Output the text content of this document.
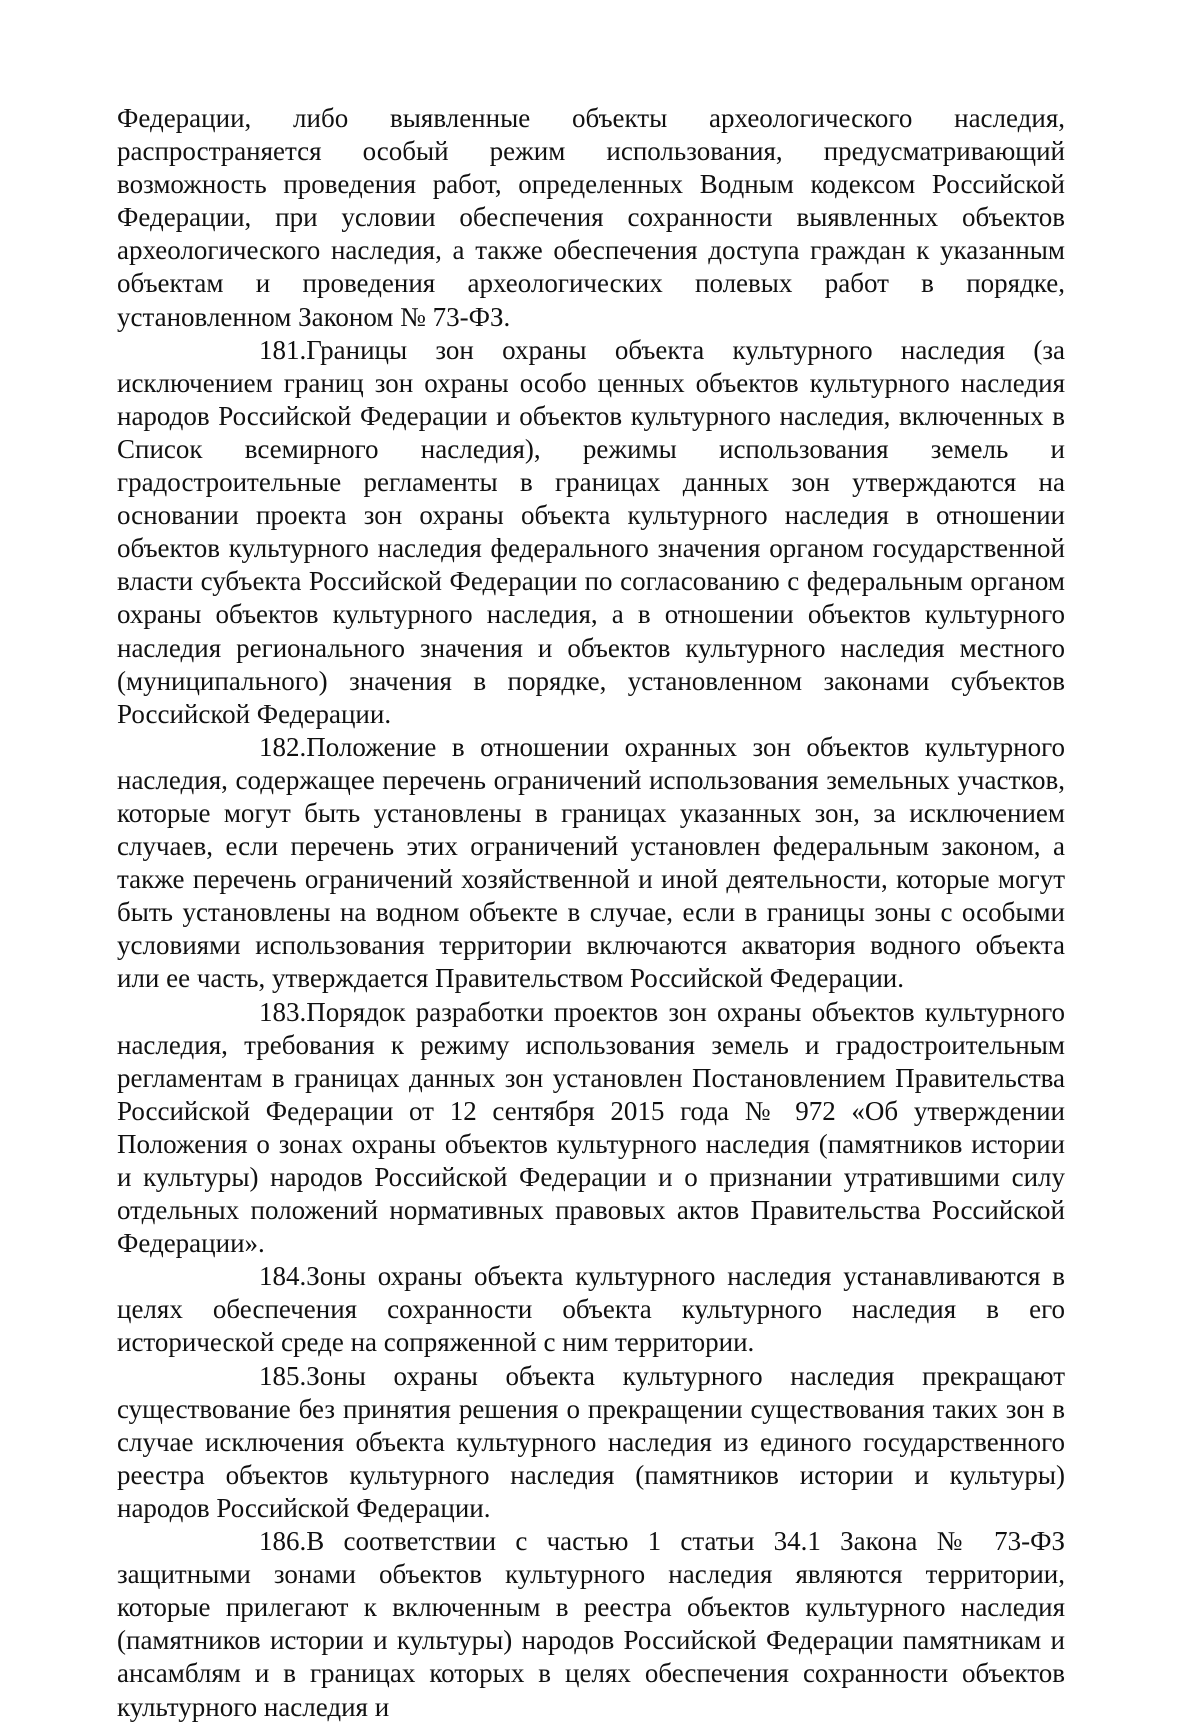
Федерации, либо выявленные объекты археологического наследия, распространяется особый режим использования, предусматривающий возможность проведения работ, определенных Водным кодексом Российской Федерации, при условии обеспечения сохранности выявленных объектов археологического наследия, а также обеспечения доступа граждан к указанным объектам и проведения археологических полевых работ в порядке, установленном Законом № 73-ФЗ.

181.Границы зон охраны объекта культурного наследия (за исключением границ зон охраны особо ценных объектов культурного наследия народов Российской Федерации и объектов культурного наследия, включенных в Список всемирного наследия), режимы использования земель и градостроительные регламенты в границах данных зон утверждаются на основании проекта зон охраны объекта культурного наследия в отношении объектов культурного наследия федерального значения органом государственной власти субъекта Российской Федерации по согласованию с федеральным органом охраны объектов культурного наследия, а в отношении объектов культурного наследия регионального значения и объектов культурного наследия местного (муниципального) значения в порядке, установленном законами субъектов Российской Федерации.

182.Положение в отношении охранных зон объектов культурного наследия, содержащее перечень ограничений использования земельных участков, которые могут быть установлены в границах указанных зон, за исключением случаев, если перечень этих ограничений установлен федеральным законом, а также перечень ограничений хозяйственной и иной деятельности, которые могут быть установлены на водном объекте в случае, если в границы зоны с особыми условиями использования территории включаются акватория водного объекта или ее часть, утверждается Правительством Российской Федерации.

183.Порядок разработки проектов зон охраны объектов культурного наследия, требования к режиму использования земель и градостроительным регламентам в границах данных зон установлен Постановлением Правительства Российской Федерации от 12 сентября 2015 года № 972 «Об утверждении Положения о зонах охраны объектов культурного наследия (памятников истории и культуры) народов Российской Федерации и о признании утратившими силу отдельных положений нормативных правовых актов Правительства Российской Федерации».

184.Зоны охраны объекта культурного наследия устанавливаются в целях обеспечения сохранности объекта культурного наследия в его исторической среде на сопряженной с ним территории.

185.Зоны охраны объекта культурного наследия прекращают существование без принятия решения о прекращении существования таких зон в случае исключения объекта культурного наследия из единого государственного реестра объектов культурного наследия (памятников истории и культуры) народов Российской Федерации.

186.В соответствии с частью 1 статьи 34.1 Закона № 73-ФЗ защитными зонами объектов культурного наследия являются территории, которые прилегают к включенным в реестра объектов культурного наследия (памятников истории и культуры) народов Российской Федерации памятникам и ансамблям и в границах которых в целях обеспечения сохранности объектов культурного наследия и
